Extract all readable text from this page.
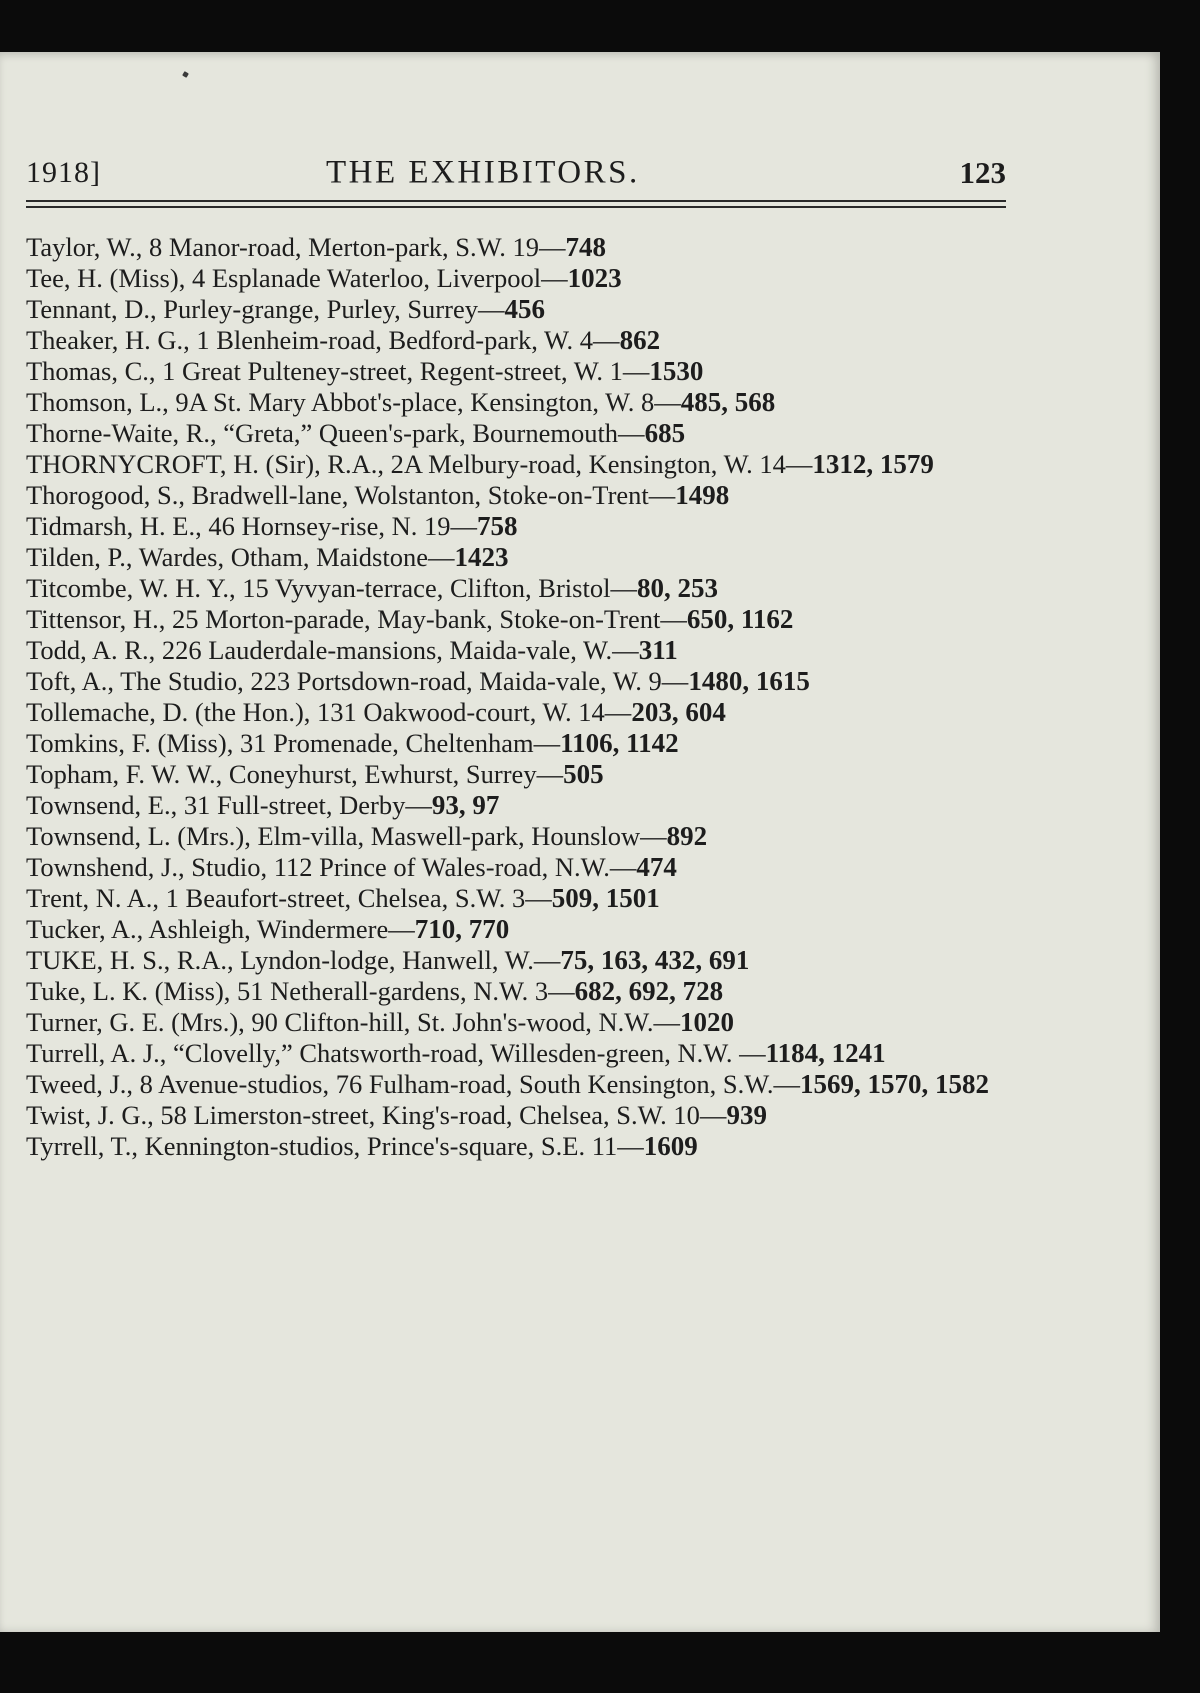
1918]	THE EXHIBITORS.	123

Taylor, W., 8 Manor-road, Merton-park, S.W. 19—748

Tee, H. (Miss), 4 Esplanade Waterloo, Liverpool—1023

Tennant, D., Purley-grange, Purley, Surrey—456

Theaker, H. G., 1 Blenheim-road, Bedford-park, W. 4—862

Thomas, C., 1 Great Pulteney-street, Regent-street, W. 1—1530

Thomson, L., 9A St. Mary Abbot's-place, Kensington, W. 8—485, 568

Thorne-Waite, R., “Greta,” Queen's-park, Bournemouth—685

THORNYCROFT, H. (Sir), R.A., 2A Melbury-road, Kensington, W. 14—1312, 1579

Thorogood, S., Bradwell-lane, Wolstanton, Stoke-on-Trent—1498

Tidmarsh, H. E., 46 Hornsey-rise, N. 19—758

Tilden, P., Wardes, Otham, Maidstone—1423

Titcombe, W. H. Y., 15 Vyvyan-terrace, Clifton, Bristol—80, 253

Tittensor, H., 25 Morton-parade, May-bank, Stoke-on-Trent—650, 1162

Todd, A. R., 226 Lauderdale-mansions, Maida-vale, W.—311

Toft, A., The Studio, 223 Portsdown-road, Maida-vale, W. 9—1480, 1615

Tollemache, D. (the Hon.), 131 Oakwood-court, W. 14—203, 604

Tomkins, F. (Miss), 31 Promenade, Cheltenham—1106, 1142

Topham, F. W. W., Coneyhurst, Ewhurst, Surrey—505

Townsend, E., 31 Full-street, Derby—93, 97

Townsend, L. (Mrs.), Elm-villa, Maswell-park, Hounslow—892

Townshend, J., Studio, 112 Prince of Wales-road, N.W.—474

Trent, N. A., 1 Beaufort-street, Chelsea, S.W. 3—509, 1501

Tucker, A., Ashleigh, Windermere—710, 770

TUKE, H. S., R.A., Lyndon-lodge, Hanwell, W.—75, 163, 432, 691

Tuke, L. K. (Miss), 51 Netherall-gardens, N.W. 3—682, 692, 728

Turner, G. E. (Mrs.), 90 Clifton-hill, St. John's-wood, N.W.—1020

Turrell, A. J., “Clovelly,” Chatsworth-road, Willesden-green, N.W. —1184, 1241

Tweed, J., 8 Avenue-studios, 76 Fulham-road, South Kensington, S.W.—1569, 1570, 1582

Twist, J. G., 58 Limerston-street, King's-road, Chelsea, S.W. 10—939

Tyrrell, T., Kennington-studios, Prince's-square, S.E. 11—1609
